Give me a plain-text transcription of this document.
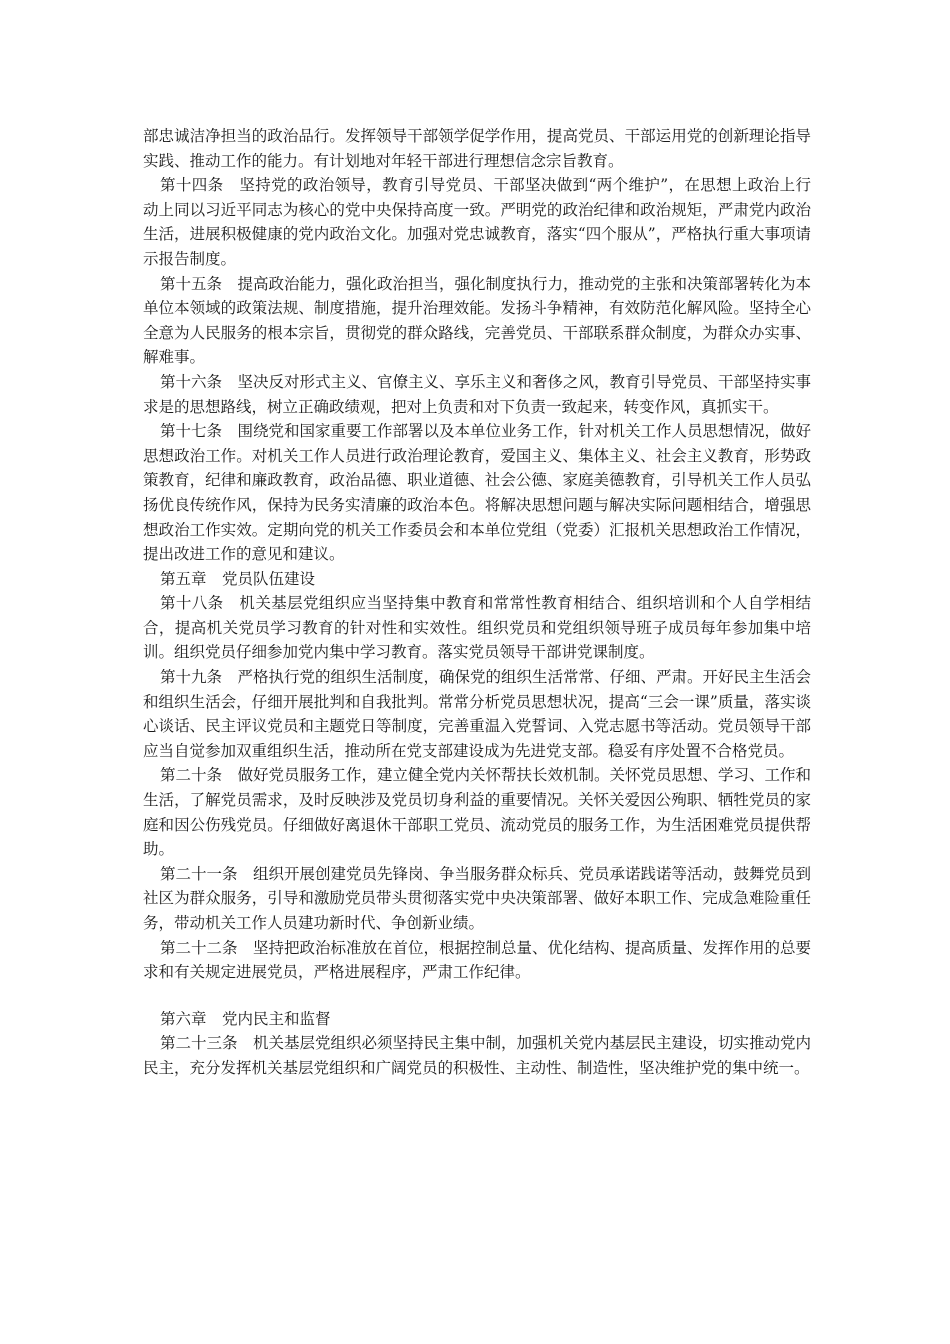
部忠诚洁净担当的政治品行。发挥领导干部领学促学作用，提高党员、干部运用党的创新理论指导实践、推动工作的能力。有计划地对年轻干部进行理想信念宗旨教育。

第十四条　坚持党的政治领导，教育引导党员、干部坚决做到“两个维护”，在思想上政治上行动上同以习近平同志为核心的党中央保持高度一致。严明党的政治纪律和政治规矩，严肃党内政治生活，进展积极健康的党内政治文化。加强对党忠诚教育，落实“四个服从”，严格执行重大事项请示报告制度。

第十五条　提高政治能力，强化政治担当，强化制度执行力，推动党的主张和决策部署转化为本单位本领域的政策法规、制度措施，提升治理效能。发扬斗争精神，有效防范化解风险。坚持全心全意为人民服务的根本宗旨，贯彻党的群众路线，完善党员、干部联系群众制度，为群众办实事、解难事。

第十六条　坚决反对形式主义、官僚主义、享乐主义和奢侈之风，教育引导党员、干部坚持实事求是的思想路线，树立正确政绩观，把对上负责和对下负责一致起来，转变作风，真抓实干。

第十七条　围绕党和国家重要工作部署以及本单位业务工作，针对机关工作人员思想情况，做好思想政治工作。对机关工作人员进行政治理论教育，爱国主义、集体主义、社会主义教育，形势政策教育，纪律和廉政教育，政治品德、职业道德、社会公德、家庭美德教育，引导机关工作人员弘扬优良传统作风，保持为民务实清廉的政治本色。将解决思想问题与解决实际问题相结合，增强思想政治工作实效。定期向党的机关工作委员会和本单位党组（党委）汇报机关思想政治工作情况，提出改进工作的意见和建议。

第五章　党员队伍建设

第十八条　机关基层党组织应当坚持集中教育和常常性教育相结合、组织培训和个人自学相结合，提高机关党员学习教育的针对性和实效性。组织党员和党组织领导班子成员每年参加集中培训。组织党员仔细参加党内集中学习教育。落实党员领导干部讲党课制度。

第十九条　严格执行党的组织生活制度，确保党的组织生活常常、仔细、严肃。开好民主生活会和组织生活会，仔细开展批判和自我批判。常常分析党员思想状况，提高“三会一课”质量，落实谈心谈话、民主评议党员和主题党日等制度，完善重温入党誓词、入党志愿书等活动。党员领导干部应当自觉参加双重组织生活，推动所在党支部建设成为先进党支部。稳妥有序处置不合格党员。

第二十条　做好党员服务工作，建立健全党内关怀帮扶长效机制。关怀党员思想、学习、工作和生活，了解党员需求，及时反映涉及党员切身利益的重要情况。关怀关爱因公殉职、牺牲党员的家庭和因公伤残党员。仔细做好离退休干部职工党员、流动党员的服务工作，为生活困难党员提供帮助。

第二十一条　组织开展创建党员先锋岗、争当服务群众标兵、党员承诺践诺等活动，鼓舞党员到社区为群众服务，引导和激励党员带头贯彻落实党中央决策部署、做好本职工作、完成急难险重任务，带动机关工作人员建功新时代、争创新业绩。

第二十二条　坚持把政治标准放在首位，根据控制总量、优化结构、提高质量、发挥作用的总要求和有关规定进展党员，严格进展程序，严肃工作纪律。

第六章　党内民主和监督

第二十三条　机关基层党组织必须坚持民主集中制，加强机关党内基层民主建设，切实推动党内民主，充分发挥机关基层党组织和广阔党员的积极性、主动性、制造性，坚决维护党的集中统一。
